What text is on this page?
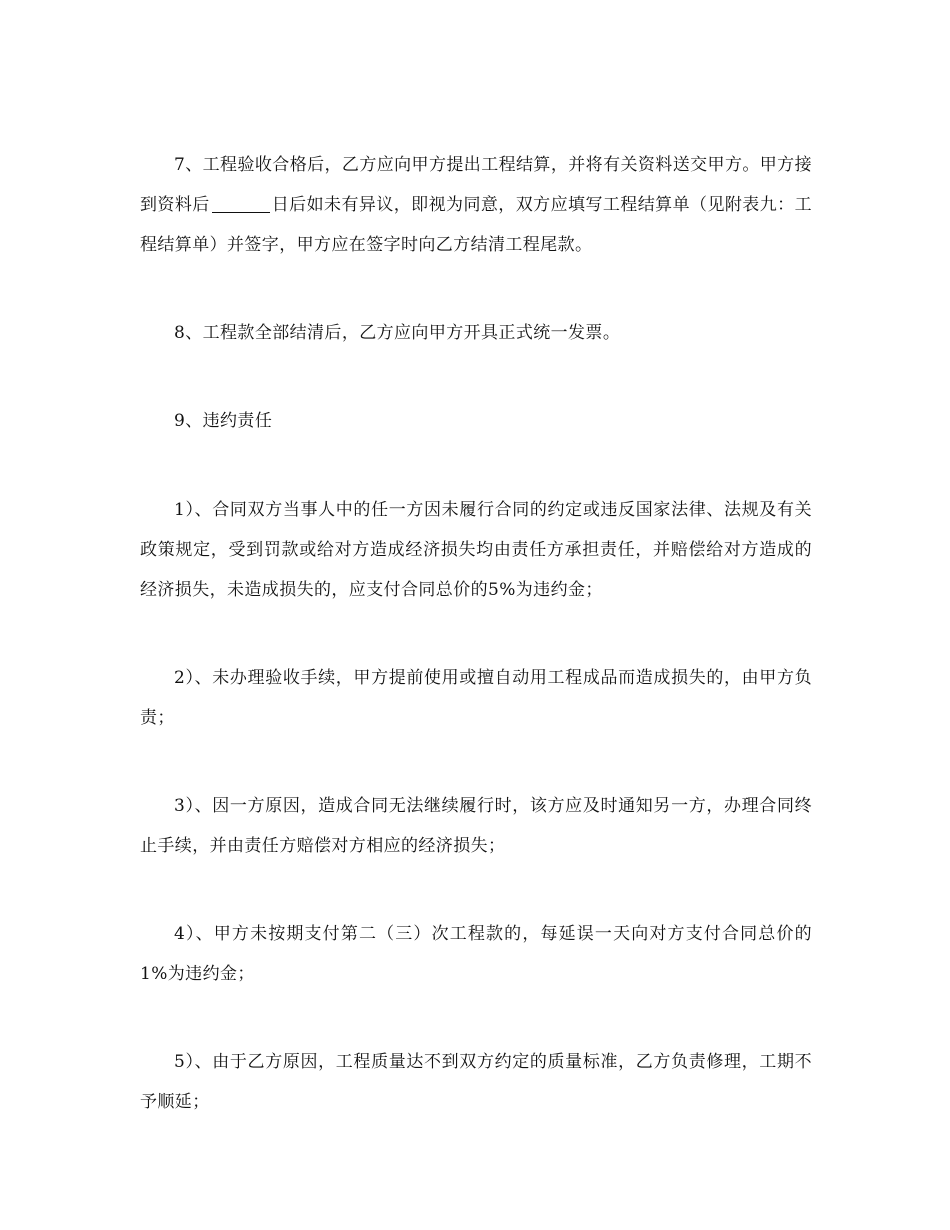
7、工程验收合格后，乙方应向甲方提出工程结算，并将有关资料送交甲方。甲方接到资料后	日后如未有异议，即视为同意，双方应填写工程结算单（见附表九：工程结算单）并签字，甲方应在签字时向乙方结清工程尾款。

8、工程款全部结清后，乙方应向甲方开具正式统一发票。

9、违约责任

1）、合同双方当事人中的任一方因未履行合同的约定或违反国家法律、法规及有关政策规定，受到罚款或给对方造成经济损失均由责任方承担责任，并赔偿给对方造成的经济损失，未造成损失的，应支付合同总价的5%为违约金；

2）、未办理验收手续，甲方提前使用或擅自动用工程成品而造成损失的，由甲方负责；

3）、因一方原因，造成合同无法继续履行时，该方应及时通知另一方，办理合同终止手续，并由责任方赔偿对方相应的经济损失；

4）、甲方未按期支付第二（三）次工程款的，每延误一天向对方支付合同总价的1%为违约金；

5）、由于乙方原因，工程质量达不到双方约定的质量标准，乙方负责修理，工期不予顺延；
